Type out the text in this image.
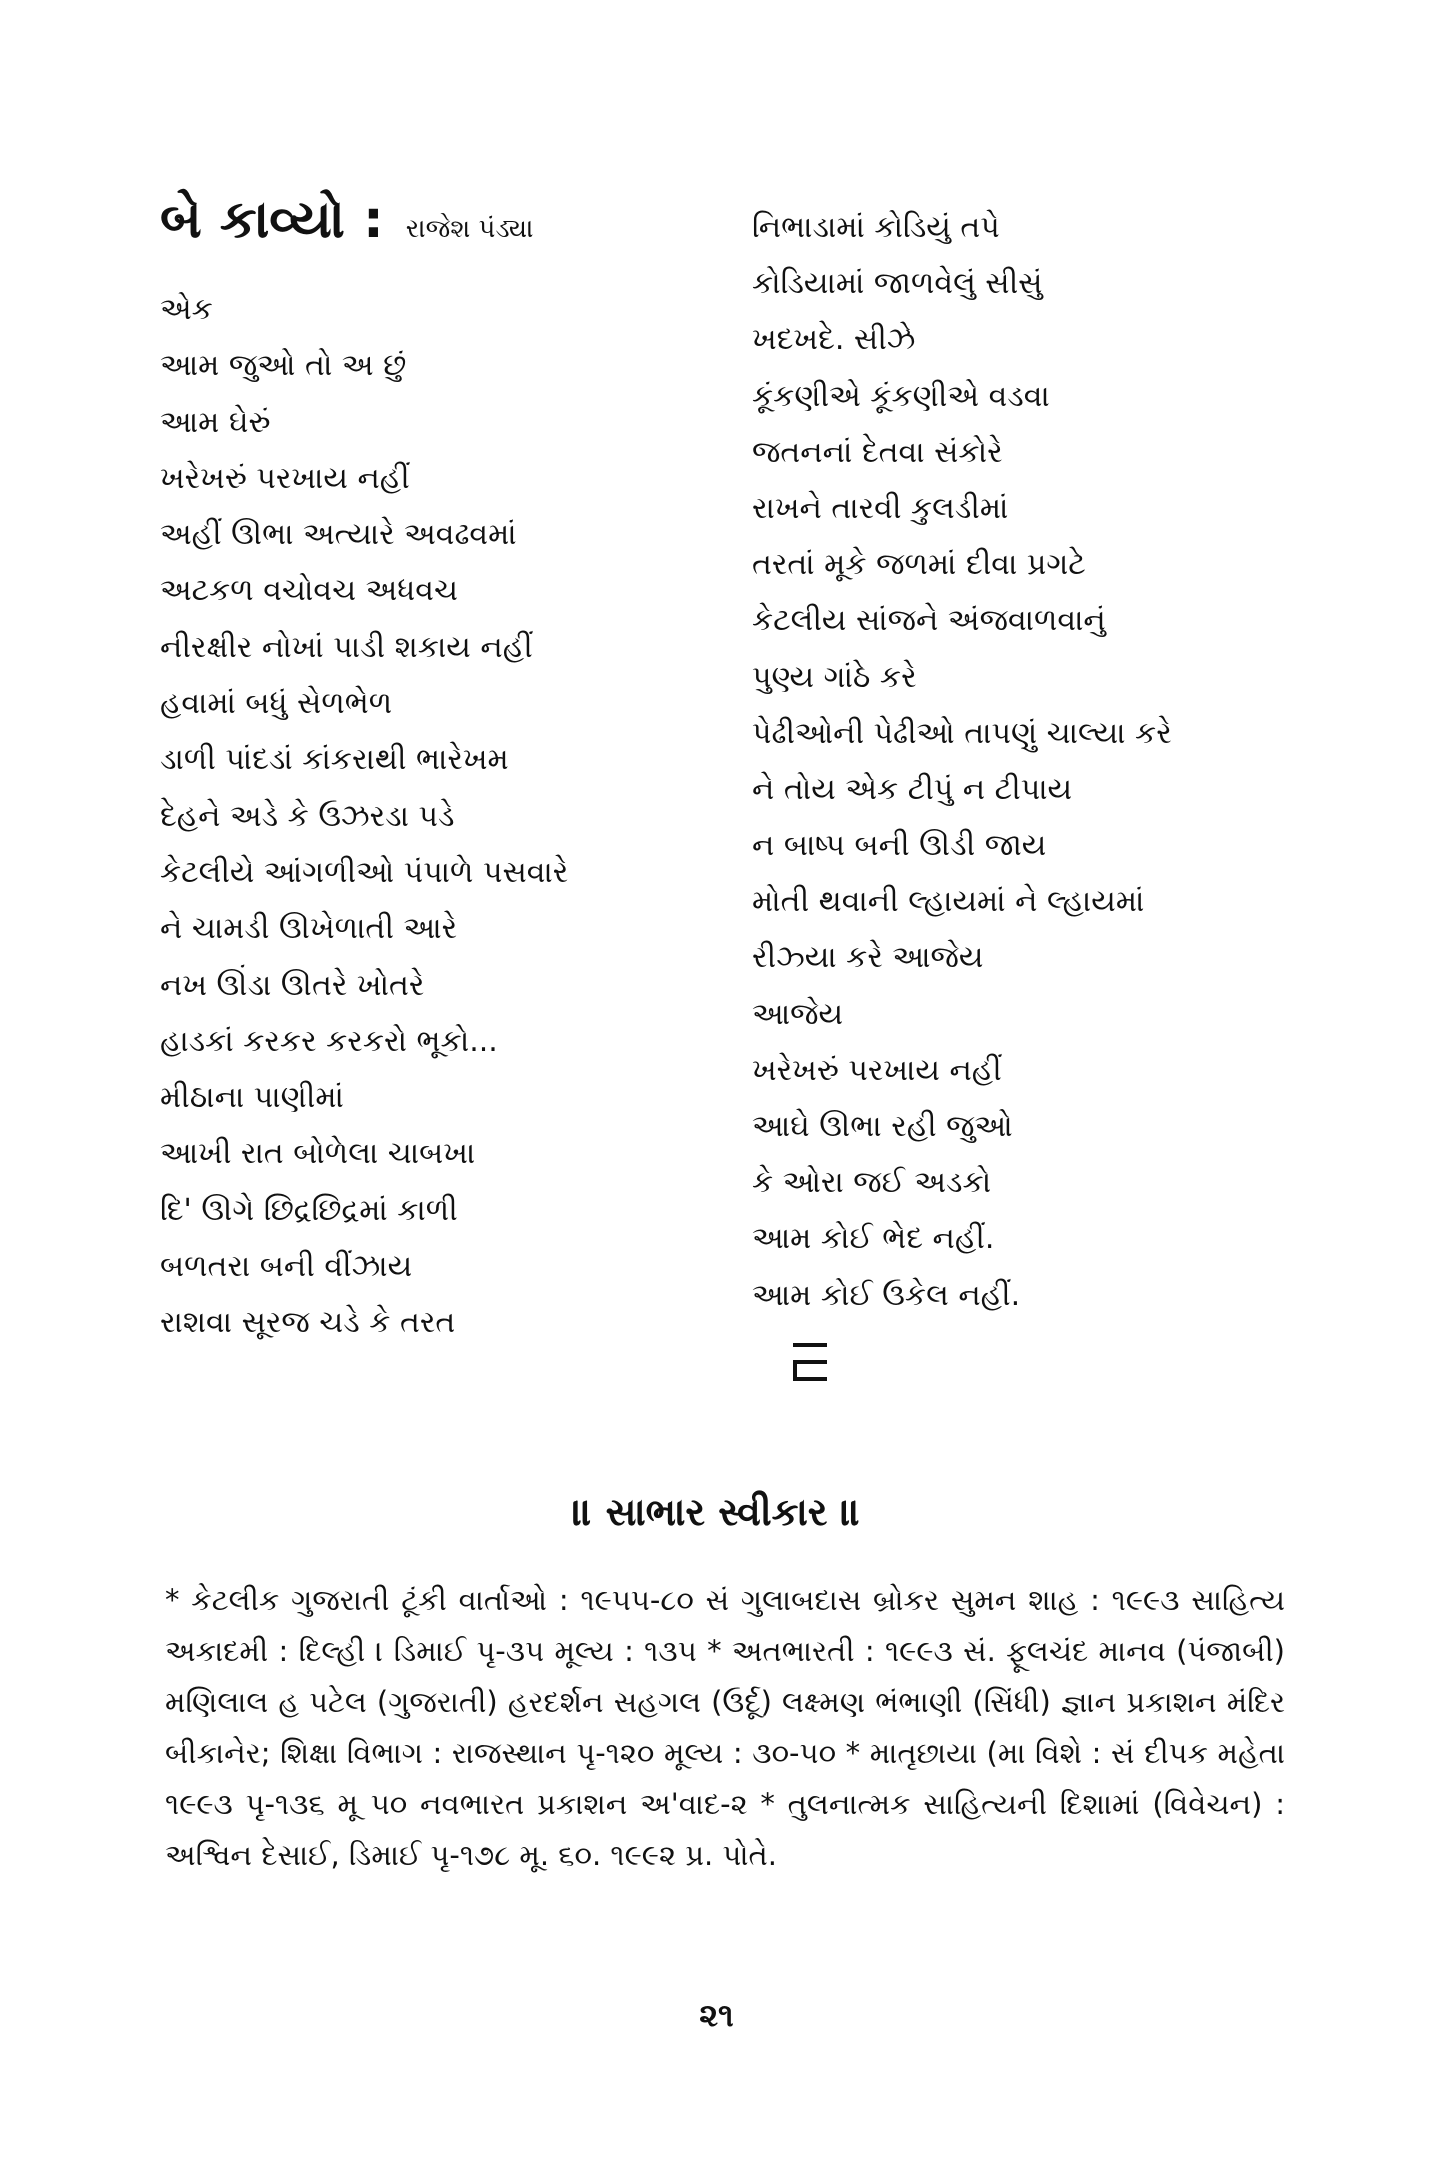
બે કાવ્યો : રાજેશ પંડ્યા
એક
આમ જુઓ તો અ છું
આમ ઘેરું
ખરેખરું પરખાય નહીં
અહીં ઊભા અત્યારે અવઢવમાં
અટકળ વચોવચ અધવચ
નીરક્ષીર નોખાં પાડી શકાય નહીં
હવામાં બધું સેળભેળ
ડાળી પાંદડાં કાંકરાથી ભારેખમ
દેહને અડે કે ઉઝરડા પડે
કેટલીયે આંગળીઓ પંપાળે પસવારે
ને ચામડી ઊખેળાતી આરે
નખ ઊંડા ઊતરે ખોતરે
હાડકાં કરકર કરકરો ભૂકો...
મીઠાના પાણીમાં
આખી રાત બોળેલા ચાબખા
દિ' ઊગે છિદ્રછિદ્રમાં કાળી
બળતરા બની વીંઝાય
રાશવા સૂરજ ચડે કે તરત
નિભાડામાં કોડિયું તપે
કોડિયામાં જાળવેલું સીસું
ખદખદે. સીઝે
કૂંકણીએ કૂંકણીએ વડવા
જતનનાં દેતવા સંકોરે
રાખને તારવી કુલડીમાં
તરતાં મૂકે જળમાં દીવા પ્રગટે
કેટલીય સાંજને અંજવાળવાનું
પુણ્ય ગાંઠે કરે
પેઢીઓની પેઢીઓ તાપણું ચાલ્યા કરે
ને તોય એક ટીપું ન ટીપાય
ન બાષ્પ બની ઊડી જાય
મોતી થવાની લ્હાયમાં ને લ્હાયમાં
રીઝ્યા કરે આજેય
આજેય
ખરેખરું પરખાય નહીં
આઘે ઊભા રહી જુઓ
કે ઓરા જઈ અડકો
આમ કોઈ ભેદ નહીં.
આમ કોઈ ઉકેલ નહીં.
॥ સાભાર સ્વીકાર ॥
* કેટલીક ગુજરાતી ટૂંકી વાર્તાઓ : ૧૯૫૫-૮૦ સં ગુલાબદાસ બ્રોકર સુમન શાહ : ૧૯૯૩ સાહિત્ય અકાદમી : દિલ્હી । ડિમાઈ પૃ-૩૫ મૂલ્ય : ૧૩૫ * અતભારતી : ૧૯૯૩ સં. ફૂલચંદ માનવ (પંજાબી) મણિલાલ હ પટેલ (ગુજરાતી) હરદર્શન સહગલ (ઉર્દૂ) લક્ષ્મણ ભંભાણી (સિંધી) જ્ઞાન પ્રકાશન મંદિર બીકાનેર; શિક્ષા વિભાગ : રાજસ્થાન પૃ-૧૨૦ મૂલ્ય : ૩૦-૫૦ * માતૃછાયા (મા વિશે : સં દીપક મહેતા ૧૯૯૩ પૃ-૧૩૬ મૂ ૫૦ નવભારત પ્રકાશન અ'વાદ-૨ * તુલનાત્મક સાહિત્યની દિશામાં (વિવેચન) : અશ્વિન દેસાઈ, ડિમાઈ પૃ-૧૭૮ મૂ. ૬૦. ૧૯૯૨ પ્ર. પોતે.
૨૧
